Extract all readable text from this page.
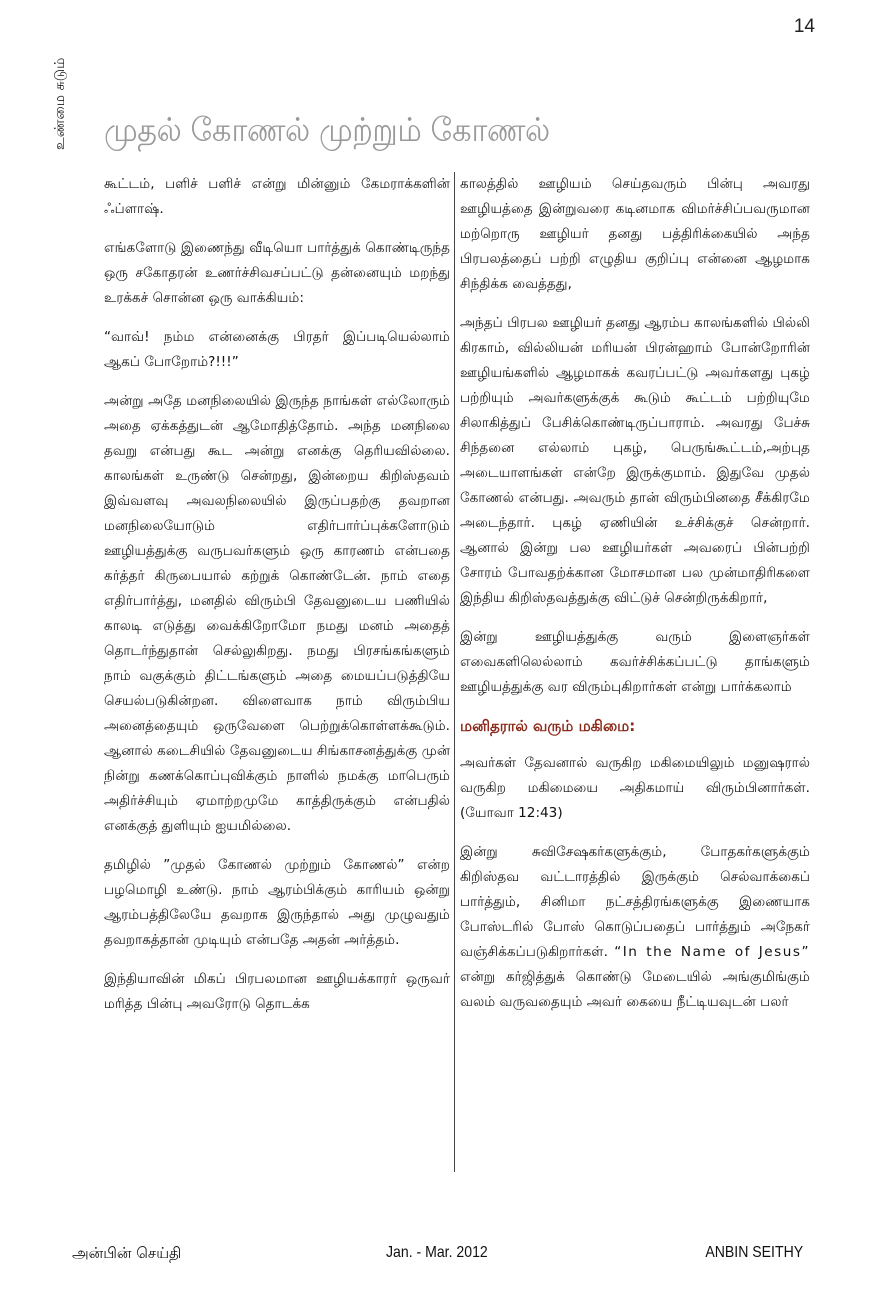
14
உண்மை சுடும் முதல் கோணல் முற்றும் கோணல்

கூட்டம், பளிச் பளிச் என்று மின்னும் கேமராக்களின் ஃப்ளாஷ்.

எங்களோடு இணைந்து வீடியொ பார்த்துக் கொண்டிருந்த ஒரு சகோதரன் உணர்ச்சிவசப்பட்டு தன்னையும் மறந்து உரக்கச் சொன்ன ஒரு வாக்கியம்:

“வாவ்! நம்ம என்னைக்கு பிரதர் இப்படியெல்லாம் ஆகப் போறோம்?!!!”

அன்று அதே மனநிலையில் இருந்த நாங்கள் எல்லோரும் அதை ஏக்கத்துடன் ஆமோதித்தோம். அந்த மனநிலை தவறு என்பது கூட அன்று எனக்கு தெரியவில்லை. காலங்கள் உருண்டு சென்றது, இன்றைய கிறிஸ்தவம் இவ்வளவு அவலநிலையில் இருப்பதற்கு தவறான மனநிலையோடும் எதிர்பார்ப்புக்களோடும் ஊழியத்துக்கு வருபவர்களும் ஒரு காரணம் என்பதை கர்த்தர் கிருபையால் கற்றுக் கொண்டேன். நாம் எதை எதிர்பார்த்து, மனதில் விரும்பி தேவனுடைய பணியில் காலடி எடுத்து வைக்கிறோமோ நமது மனம் அதைத் தொடர்ந்துதான் செல்லுகிறது. நமது பிரசங்கங்களும் நாம் வகுக்கும் திட்டங்களும் அதை மையப்படுத்தியே செயல்படுகின்றன. விளைவாக நாம் விரும்பிய அனைத்தையும் ஒருவேளை பெற்றுக்கொள்ளக்கூடும். ஆனால் கடைசியில் தேவனுடைய சிங்காசனத்துக்கு முன் நின்று கணக்கொப்புவிக்கும் நாளில் நமக்கு மாபெரும் அதிர்ச்சியும் ஏமாற்றமுமே காத்திருக்கும் என்பதில் எனக்குத் துளியும் ஐயமில்லை.

தமிழில் ”முதல் கோணல் முற்றும் கோணல்” என்ற பழமொழி உண்டு. நாம் ஆரம்பிக்கும் காரியம் ஒன்று ஆரம்பத்திலேயே தவறாக இருந்தால் அது முழுவதும் தவறாகத்தான் முடியும் என்பதே அதன் அர்த்தம்.

இந்தியாவின் மிகப் பிரபலமான ஊழியக்காரர் ஒருவர் மரித்த பின்பு அவரோடு தொடக்க

காலத்தில் ஊழியம் செய்தவரும் பின்பு அவரது ஊழியத்தை இன்றுவரை கடினமாக விமர்ச்சிப்பவருமான மற்றொரு ஊழியர் தனது பத்திரிக்கையில் அந்த பிரபலத்தைப் பற்றி எழுதிய குறிப்பு என்னை ஆழமாக சிந்திக்க வைத்தது,

அந்தப் பிரபல ஊழியர் தனது ஆரம்ப காலங்களில் பில்லி கிரகாம், வில்லியன் மரியன் பிரன்ஹாம் போன்றோரின் ஊழியங்களில் ஆழமாகக் கவரப்பட்டு அவர்களது புகழ் பற்றியும் அவர்களுக்குக் கூடும் கூட்டம் பற்றியுமே சிலாகித்துப் பேசிக்கொண்டிருப்பாராம். அவரது பேச்சு சிந்தனை எல்லாம் புகழ், பெருங்கூட்டம்,அற்புத அடையாளங்கள் என்றே இருக்குமாம். இதுவே முதல் கோணல் என்பது. அவரும் தான் விரும்பினதை சீக்கிரமே அடைந்தார். புகழ் ஏணியின் உச்சிக்குச் சென்றார். ஆனால் இன்று பல ஊழியர்கள் அவரைப் பின்பற்றி சோரம் போவதற்க்கான மோசமான பல முன்மாதிரிகளை இந்திய கிறிஸ்தவத்துக்கு விட்டுச் சென்றிருக்கிறார்,

இன்று ஊழியத்துக்கு வரும் இளைஞர்கள் எவைகளிலெல்லாம் கவர்ச்சிக்கப்பட்டு தாங்களும் ஊழியத்துக்கு வர விரும்புகிறார்கள் என்று பார்க்கலாம்

மனிதரால் வரும் மகிமை:

அவர்கள் தேவனால் வருகிற மகிமையிலும் மனுஷரால் வருகிற மகிமையை அதிகமாய் விரும்பினார்கள். (யோவா 12:43)

இன்று சுவிசேஷகர்களுக்கும், போதகர்களுக்கும் கிறிஸ்தவ வட்டாரத்தில் இருக்கும் செல்வாக்கைப் பார்த்தும், சினிமா நட்சத்திரங்களுக்கு இணையாக போஸ்டரில் போஸ் கொடுப்பதைப் பார்த்தும் அநேகர் வஞ்சிக்கப்படுகிறார்கள். “In the Name of Jesus” என்று கர்ஜித்துக் கொண்டு மேடையில் அங்குமிங்கும் வலம் வருவதையும் அவர் கையை நீட்டியவுடன் பலர்

அன்பின் செய்தி	Jan. - Mar. 2012	ANBIN SEITHY
